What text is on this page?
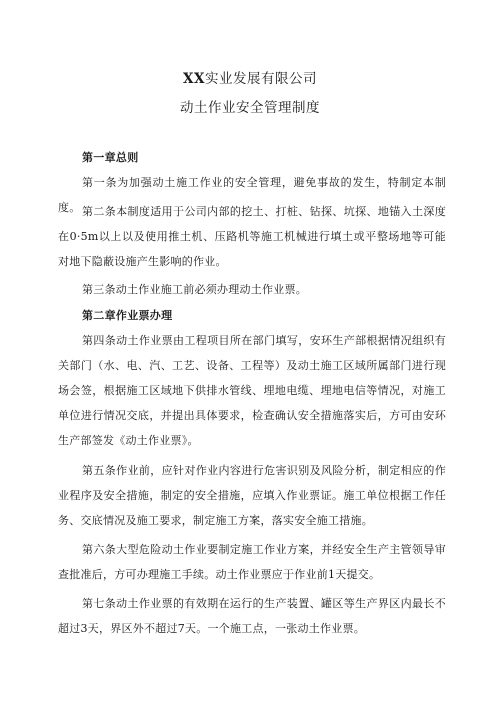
XX实业发展有限公司
动土作业安全管理制度
第一章总则
第一条为加强动土施工作业的安全管理，避免事故的发生，特制定本制度。 第二条本制度适用于公司内部的挖土、打桩、钻探、坑探、地锚入土深度在0·5m以上以及使用推土机、压路机等施工机械进行填土或平整场地等可能对地下隐蔽设施产生影响的作业。
第三条动土作业施工前必须办理动土作业票。
第二章作业票办理
第四条动土作业票由工程项目所在部门填写，安环生产部根据情况组织有关部门（水、电、汽、工艺、设备、工程等）及动土施工区域所属部门进行现场会签，根据施工区域地下供排水管线、埋地电缆、埋地电信等情况，对施工单位进行情况交底，并提出具体要求，检查确认安全措施落实后，方可由安环生产部签发《动土作业票》。
第五条作业前，应针对作业内容进行危害识别及风险分析，制定相应的作业程序及安全措施，制定的安全措施，应填入作业票证。施工单位根据工作任务、交底情况及施工要求，制定施工方案，落实安全施工措施。
第六条大型危险动土作业要制定施工作业方案，并经安全生产主管领导审查批准后，方可办理施工手续。动土作业票应于作业前1天提交。
第七条动土作业票的有效期在运行的生产装置、罐区等生产界区内最长不超过3天，界区外不超过7天。一个施工点，一张动土作业票。
